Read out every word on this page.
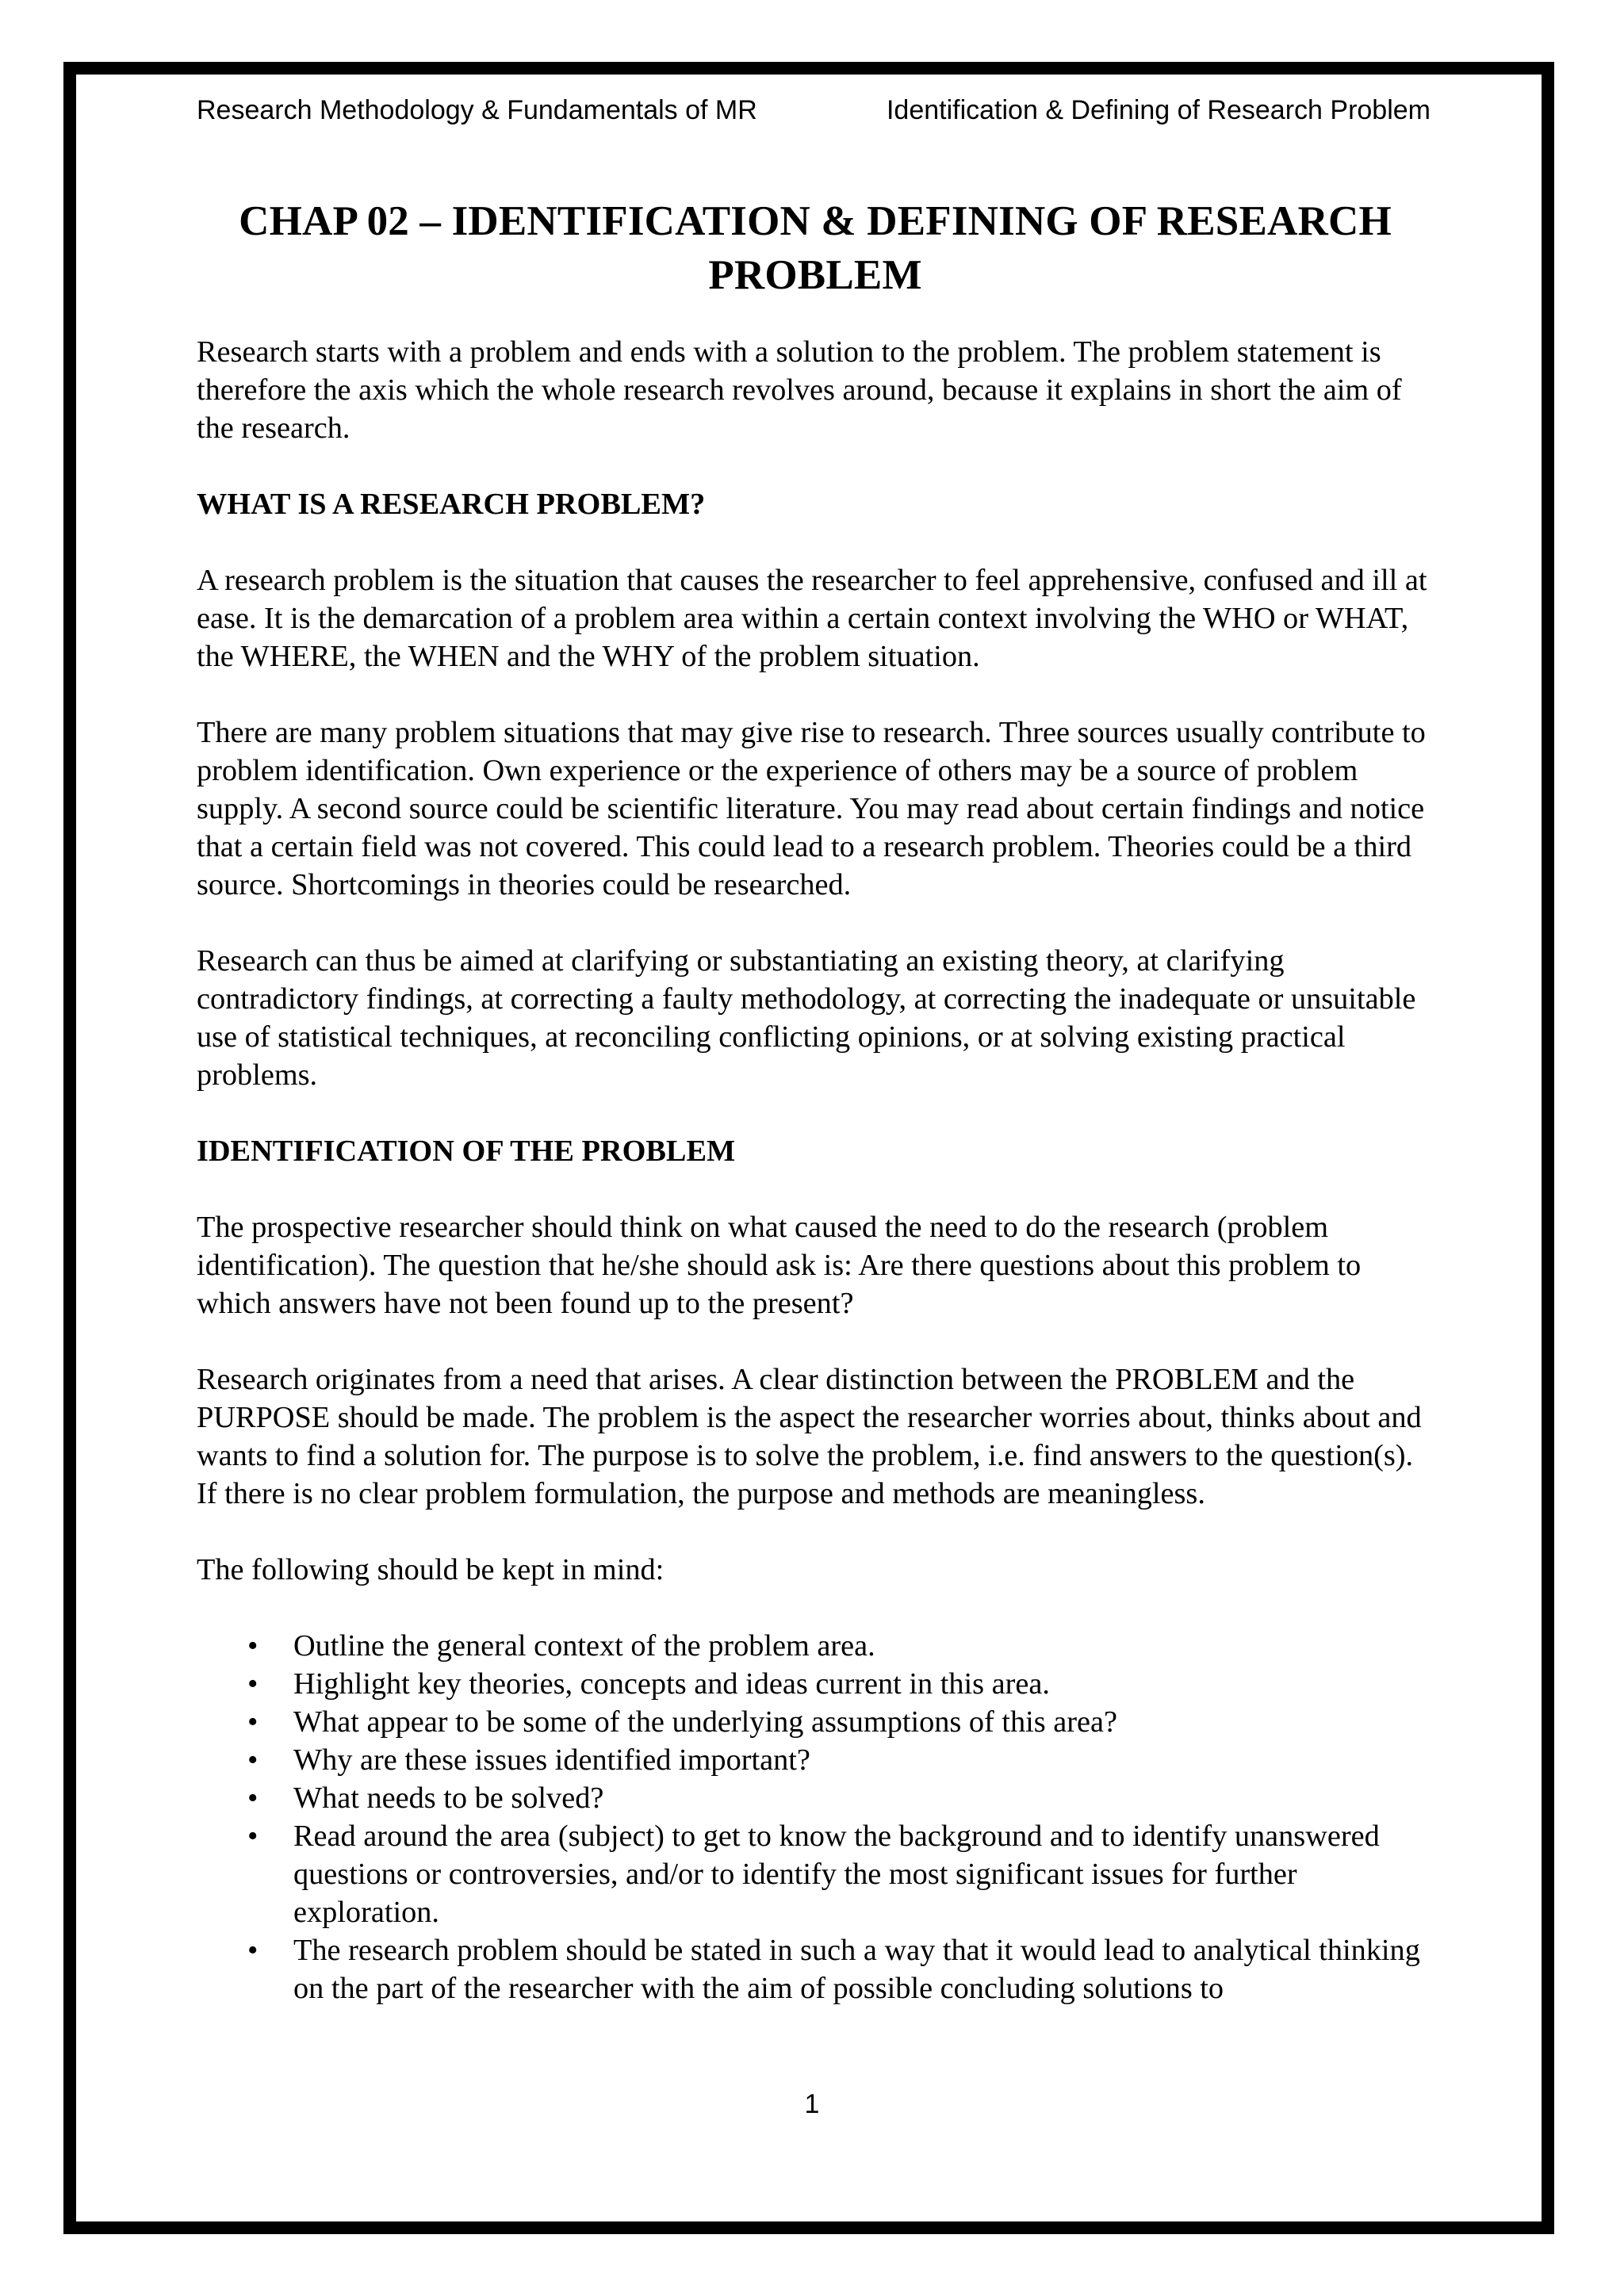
Research Methodology & Fundamentals of MR	Identification & Defining of Research Problem
CHAP 02 – IDENTIFICATION & DEFINING OF RESEARCH PROBLEM

Research starts with a problem and ends with a solution to the problem. The problem statement is therefore the axis which the whole research revolves around, because it explains in short the aim of the research.

WHAT IS A RESEARCH PROBLEM?

A research problem is the situation that causes the researcher to feel apprehensive, confused and ill at ease. It is the demarcation of a problem area within a certain context involving the WHO or WHAT, the WHERE, the WHEN and the WHY of the problem situation.

There are many problem situations that may give rise to research. Three sources usually contribute to problem identification. Own experience or the experience of others may be a source of problem supply. A second source could be scientific literature. You may read about certain findings and notice that a certain field was not covered. This could lead to a research problem. Theories could be a third source. Shortcomings in theories could be researched.

Research can thus be aimed at clarifying or substantiating an existing theory, at clarifying contradictory findings, at correcting a faulty methodology, at correcting the inadequate or unsuitable use of statistical techniques, at reconciling conflicting opinions, or at solving existing practical problems.

IDENTIFICATION OF THE PROBLEM

The prospective researcher should think on what caused the need to do the research (problem identification). The question that he/she should ask is: Are there questions about this problem to which answers have not been found up to the present?

Research originates from a need that arises. A clear distinction between the PROBLEM and the PURPOSE should be made. The problem is the aspect the researcher worries about, thinks about and wants to find a solution for. The purpose is to solve the problem, i.e. find answers to the question(s). If there is no clear problem formulation, the purpose and methods are meaningless.

The following should be kept in mind:

• Outline the general context of the problem area.
• Highlight key theories, concepts and ideas current in this area.
• What appear to be some of the underlying assumptions of this area?
• Why are these issues identified important?
• What needs to be solved?
• Read around the area (subject) to get to know the background and to identify unanswered questions or controversies, and/or to identify the most significant issues for further exploration.
• The research problem should be stated in such a way that it would lead to analytical thinking on the part of the researcher with the aim of possible concluding solutions to
1
